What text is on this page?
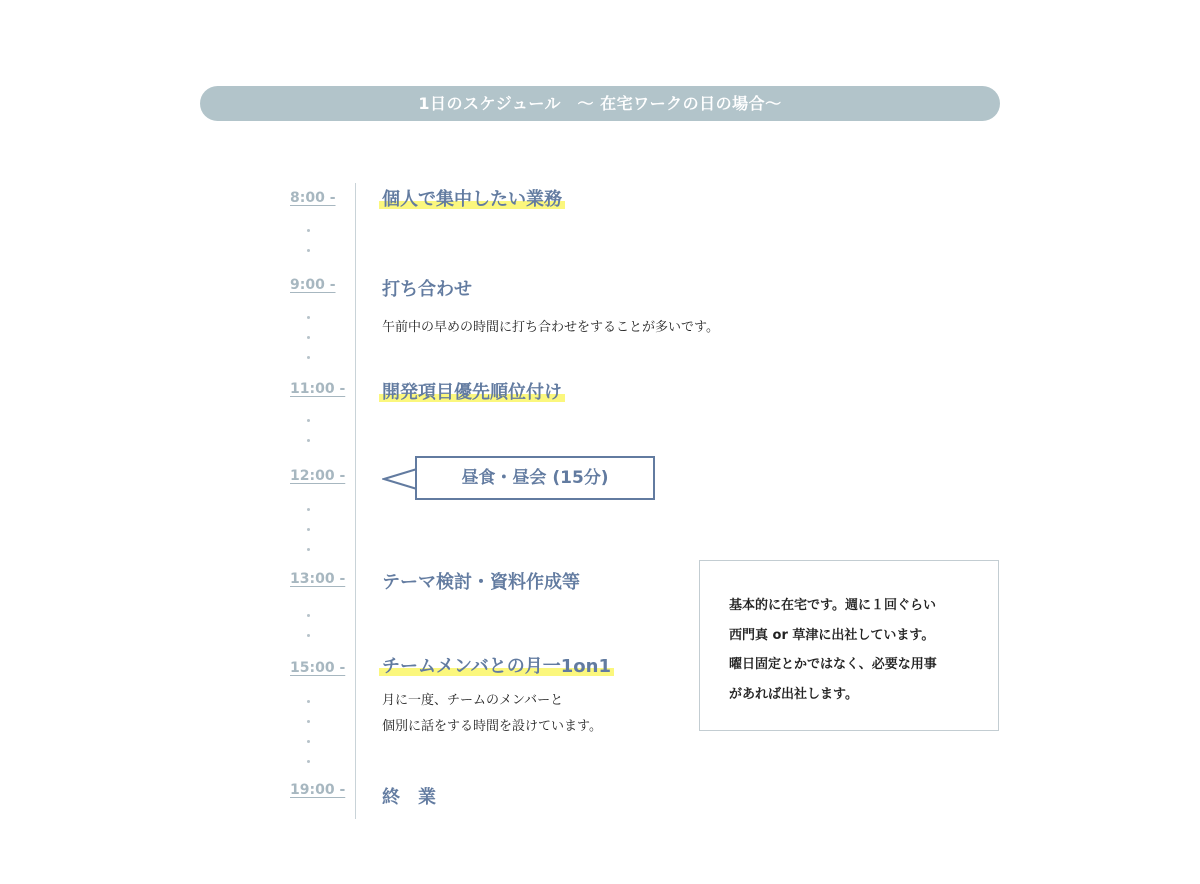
1日のスケジュール　〜 在宅ワークの日の場合〜
8:00 -
9:00 -
11:00 -
12:00 -
13:00 -
15:00 -
19:00 -
個人で集中したい業務
打ち合わせ
開発項目優先順位付け
テーマ検討・資料作成等
チームメンバとの月一1on1
終　業
午前中の早めの時間に打ち合わせをすることが多いです。
月に一度、チームのメンバーと
個別に話をする時間を設けています。
昼食・昼会 (15分)
基本的に在宅です。週に１回ぐらい
西門真 or 草津に出社しています。
曜日固定とかではなく、必要な用事
があれば出社します。
